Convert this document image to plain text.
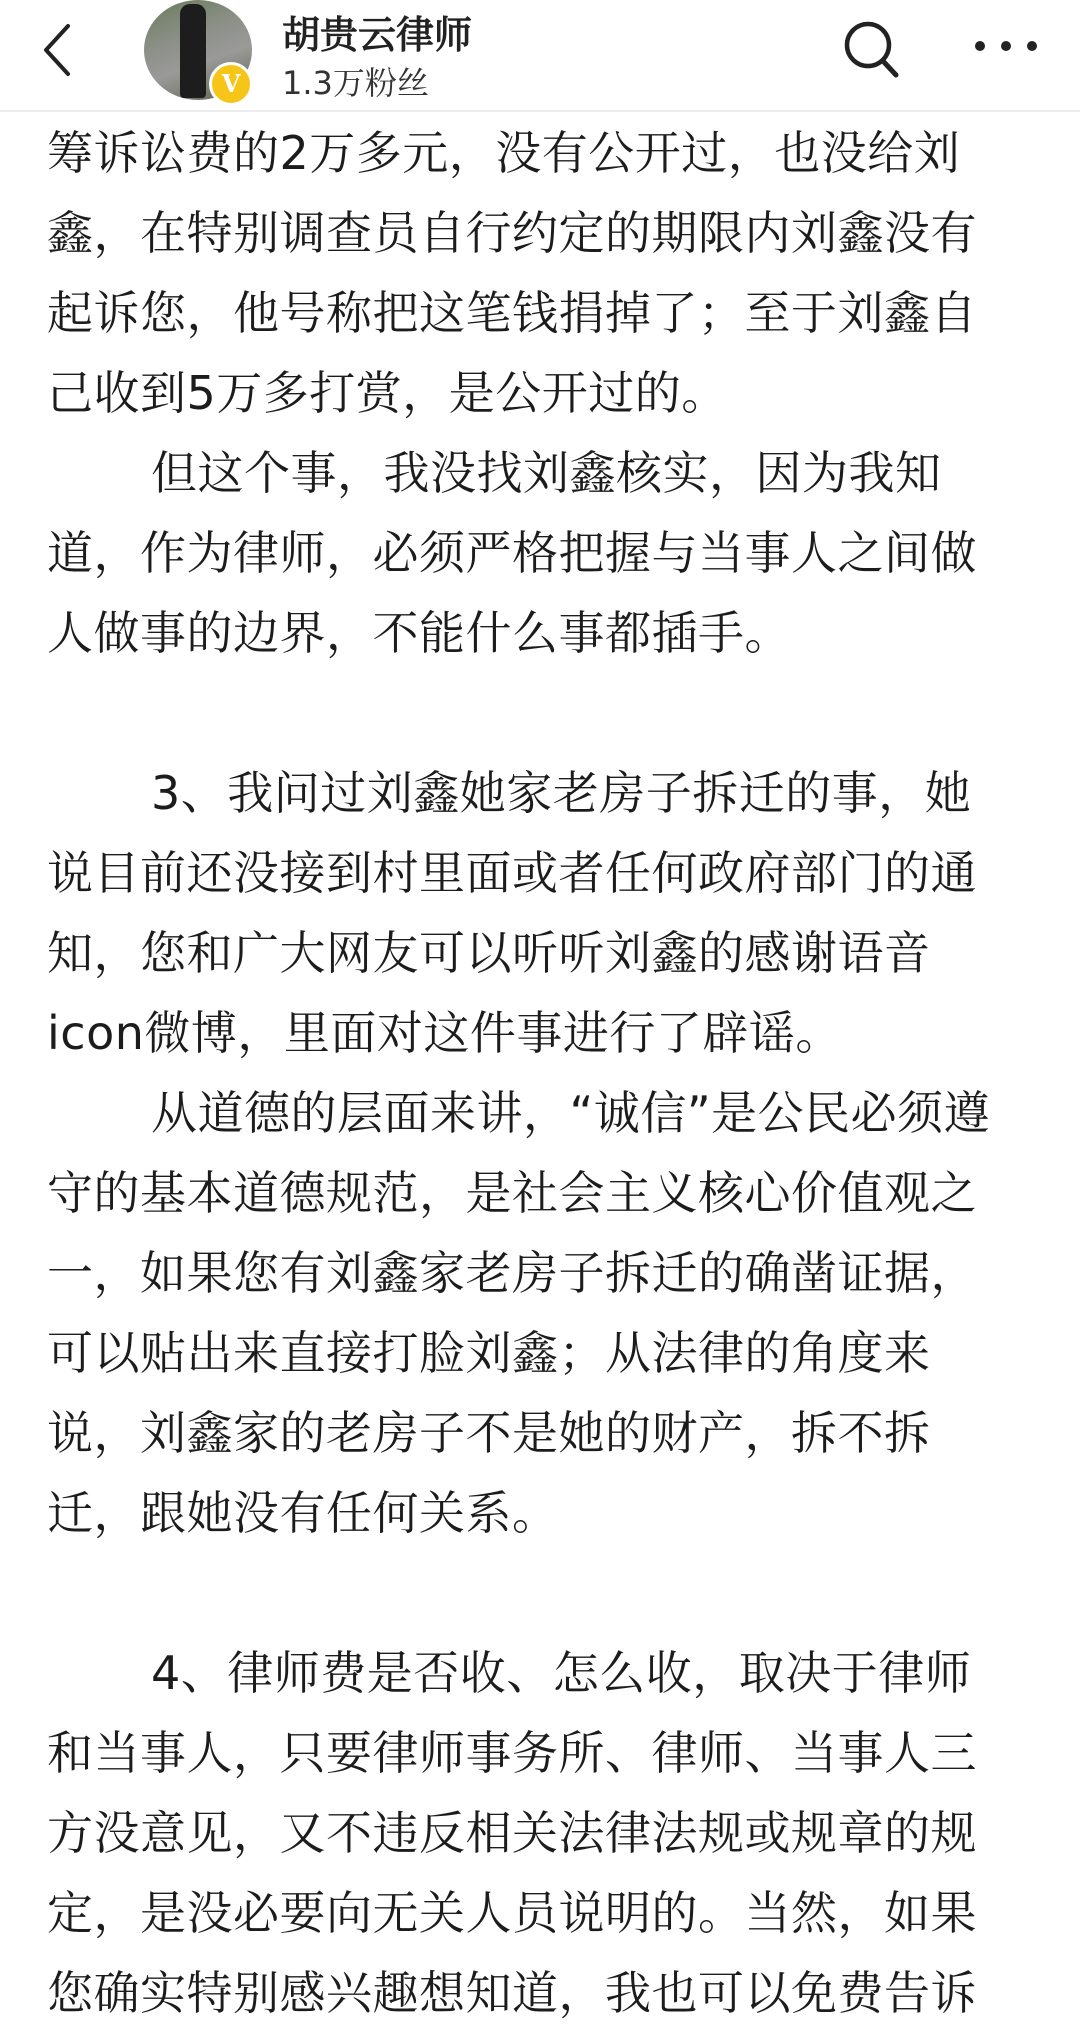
V
胡贵云律师
1.3万粉丝
筹诉讼费的2万多元，没有公开过，也没给刘
鑫，在特别调查员自行约定的期限内刘鑫没有
起诉您，他号称把这笔钱捐掉了；至于刘鑫自
己收到5万多打赏，是公开过的。
但这个事，我没找刘鑫核实，因为我知
道，作为律师，必须严格把握与当事人之间做
人做事的边界，不能什么事都插手。
3、我问过刘鑫她家老房子拆迁的事，她
说目前还没接到村里面或者任何政府部门的通
知，您和广大网友可以听听刘鑫的感谢语音
icon微博，里面对这件事进行了辟谣。
从道德的层面来讲，“诚信”是公民必须遵
守的基本道德规范，是社会主义核心价值观之
一，如果您有刘鑫家老房子拆迁的确凿证据，
可以贴出来直接打脸刘鑫；从法律的角度来
说，刘鑫家的老房子不是她的财产，拆不拆
迁，跟她没有任何关系。
4、律师费是否收、怎么收，取决于律师
和当事人，只要律师事务所、律师、当事人三
方没意见，又不违反相关法律法规或规章的规
定，是没必要向无关人员说明的。当然，如果
您确实特别感兴趣想知道，我也可以免费告诉
